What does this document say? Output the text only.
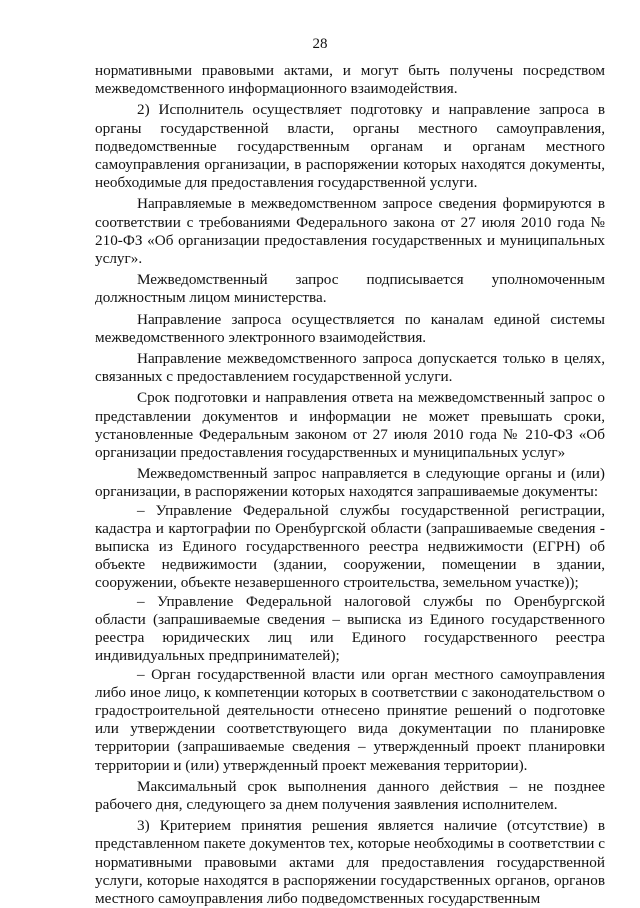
28

нормативными правовыми актами, и могут быть получены посредством межведомственного информационного взаимодействия.

2) Исполнитель осуществляет подготовку и направление запроса в органы государственной власти, органы местного самоуправления, подведомственные государственным органам и органам местного самоуправления организации, в распоряжении которых находятся документы, необходимые для предоставления государственной услуги.

Направляемые в межведомственном запросе сведения формируются в соответствии с требованиями Федерального закона от 27 июля 2010 года № 210-ФЗ «Об организации предоставления государственных и муниципальных услуг».

Межведомственный запрос подписывается уполномоченным должностным лицом министерства.

Направление запроса осуществляется по каналам единой системы межведомственного электронного взаимодействия.

Направление межведомственного запроса допускается только в целях, связанных с предоставлением государственной услуги.

Срок подготовки и направления ответа на межведомственный запрос о представлении документов и информации не может превышать сроки, установленные Федеральным законом от 27 июля 2010 года № 210-ФЗ «Об организации предоставления государственных и муниципальных услуг»

Межведомственный запрос направляется в следующие органы и (или) организации, в распоряжении которых находятся запрашиваемые документы:

– Управление Федеральной службы государственной регистрации, кадастра и картографии по Оренбургской области (запрашиваемые сведения - выписка из Единого государственного реестра недвижимости (ЕГРН) об объекте недвижимости (здании, сооружении, помещении в здании, сооружении, объекте незавершенного строительства, земельном участке));

– Управление Федеральной налоговой службы по Оренбургской области (запрашиваемые сведения – выписка из Единого государственного реестра юридических лиц или Единого государственного реестра индивидуальных предпринимателей);

– Орган государственной власти или орган местного самоуправления либо иное лицо, к компетенции которых в соответствии с законодательством о градостроительной деятельности отнесено принятие решений о подготовке или утверждении соответствующего вида документации по планировке территории (запрашиваемые сведения – утвержденный проект планировки территории и (или) утвержденный проект межевания территории).

Максимальный срок выполнения данного действия – не позднее рабочего дня, следующего за днем получения заявления исполнителем.

3) Критерием принятия решения является наличие (отсутствие) в представленном пакете документов тех, которые необходимы в соответствии с нормативными правовыми актами для предоставления государственной услуги, которые находятся в распоряжении государственных органов, органов местного самоуправления либо подведомственных государственным
